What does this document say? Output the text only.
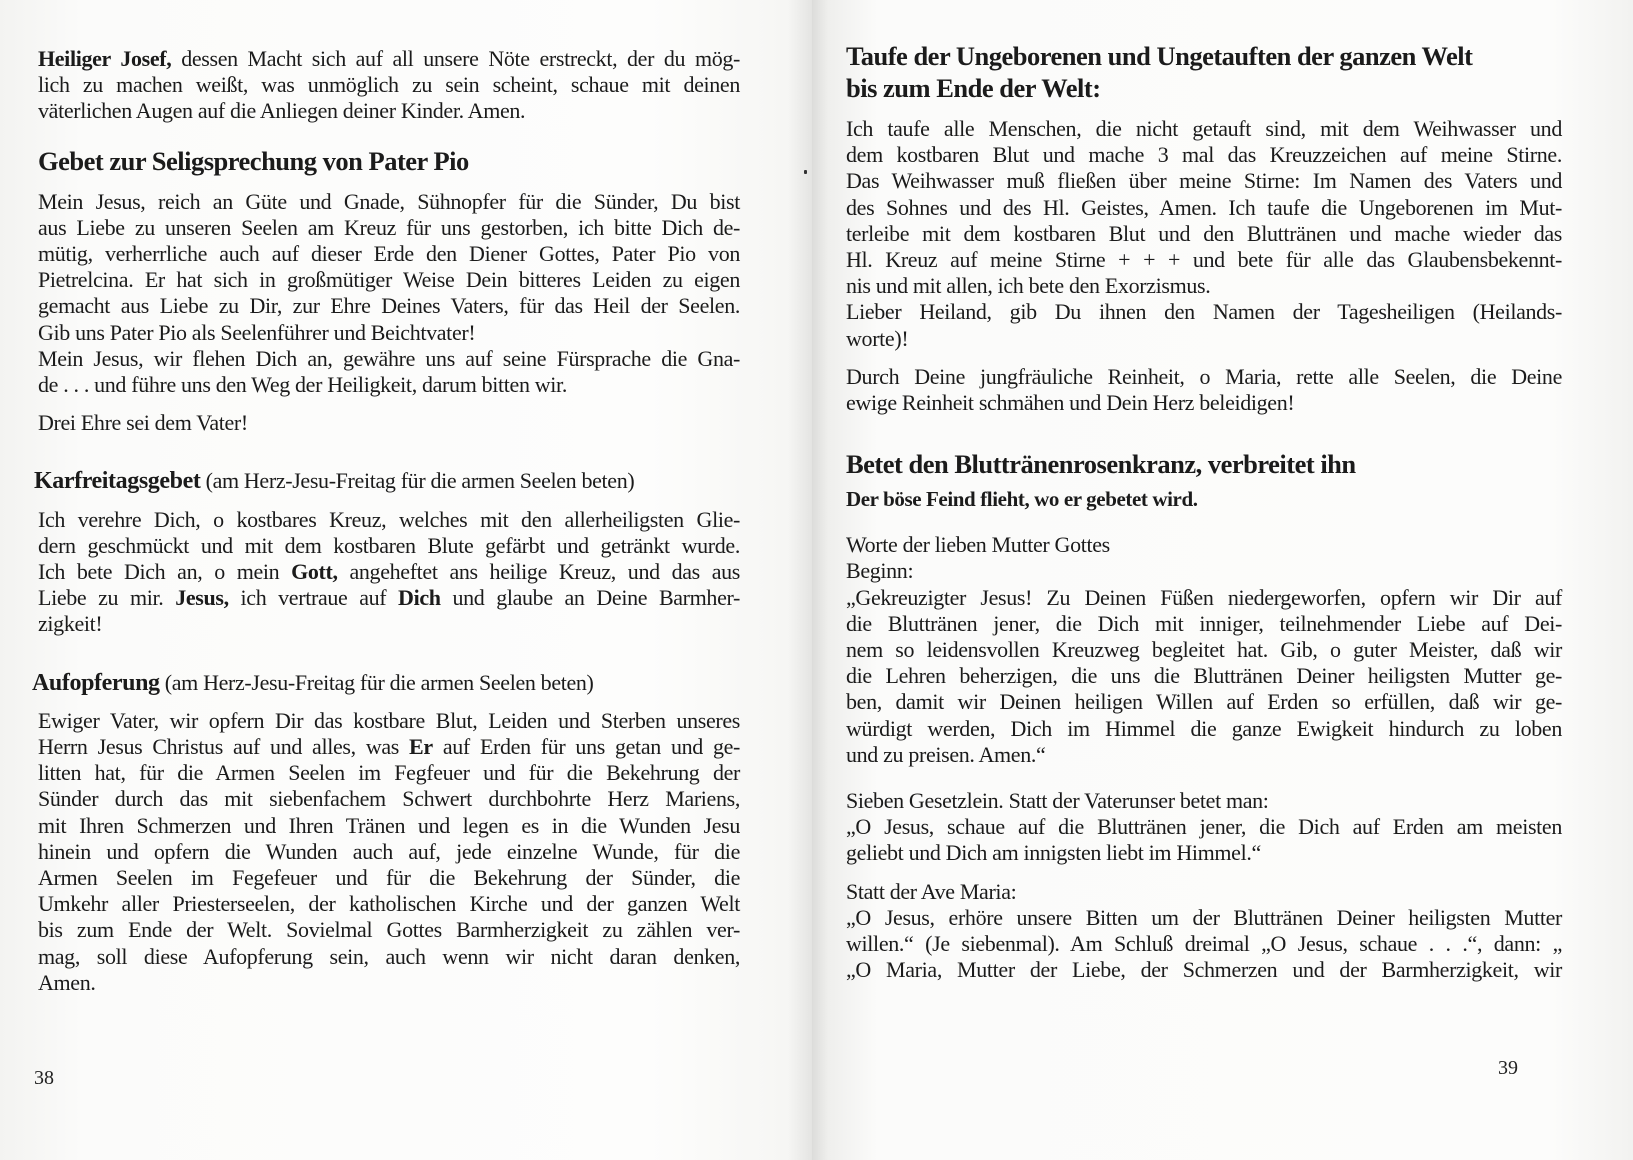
Heiliger Josef, dessen Macht sich auf all unsere Nöte erstreckt, der du mög-
lich zu machen weißt, was unmöglich zu sein scheint, schaue mit deinen
väterlichen Augen auf die Anliegen deiner Kinder. Amen.
Gebet zur Seligsprechung von Pater Pio
Mein Jesus, reich an Güte und Gnade, Sühnopfer für die Sünder, Du bist
aus Liebe zu unseren Seelen am Kreuz für uns gestorben, ich bitte Dich de-
mütig, verherrliche auch auf dieser Erde den Diener Gottes, Pater Pio von
Pietrelcina. Er hat sich in großmütiger Weise Dein bitteres Leiden zu eigen
gemacht aus Liebe zu Dir, zur Ehre Deines Vaters, für das Heil der Seelen.
Gib uns Pater Pio als Seelenführer und Beichtvater!
Mein Jesus, wir flehen Dich an, gewähre uns auf seine Fürsprache die Gna-
de . . . und führe uns den Weg der Heiligkeit, darum bitten wir.
Drei Ehre sei dem Vater!
Karfreitagsgebet (am Herz-Jesu-Freitag für die armen Seelen beten)
Ich verehre Dich, o kostbares Kreuz, welches mit den allerheiligsten Glie-
dern geschmückt und mit dem kostbaren Blute gefärbt und getränkt wurde.
Ich bete Dich an, o mein Gott, angeheftet ans heilige Kreuz, und das aus
Liebe zu mir. Jesus, ich vertraue auf Dich und glaube an Deine Barmher-
zigkeit!
Aufopferung (am Herz-Jesu-Freitag für die armen Seelen beten)
Ewiger Vater, wir opfern Dir das kostbare Blut, Leiden und Sterben unseres
Herrn Jesus Christus auf und alles, was Er auf Erden für uns getan und ge-
litten hat, für die Armen Seelen im Fegfeuer und für die Bekehrung der
Sünder durch das mit siebenfachem Schwert durchbohrte Herz Mariens,
mit Ihren Schmerzen und Ihren Tränen und legen es in die Wunden Jesu
hinein und opfern die Wunden auch auf, jede einzelne Wunde, für die
Armen Seelen im Fegefeuer und für die Bekehrung der Sünder, die
Umkehr aller Priesterseelen, der katholischen Kirche und der ganzen Welt
bis zum Ende der Welt. Sovielmal Gottes Barmherzigkeit zu zählen ver-
mag, soll diese Aufopferung sein, auch wenn wir nicht daran denken,
Amen.
38
Taufe der Ungeborenen und Ungetauften der ganzen Welt
bis zum Ende der Welt:
Ich taufe alle Menschen, die nicht getauft sind, mit dem Weihwasser und
dem kostbaren Blut und mache 3 mal das Kreuzzeichen auf meine Stirne.
Das Weihwasser muß fließen über meine Stirne: Im Namen des Vaters und
des Sohnes und des Hl. Geistes, Amen. Ich taufe die Ungeborenen im Mut-
terleibe mit dem kostbaren Blut und den Bluttränen und mache wieder das
Hl. Kreuz auf meine Stirne + + + und bete für alle das Glaubensbekennt-
nis und mit allen, ich bete den Exorzismus.
Lieber Heiland, gib Du ihnen den Namen der Tagesheiligen (Heilands-
worte)!
Durch Deine jungfräuliche Reinheit, o Maria, rette alle Seelen, die Deine
ewige Reinheit schmähen und Dein Herz beleidigen!
Betet den Bluttränenrosenkranz, verbreitet ihn
Der böse Feind flieht, wo er gebetet wird.
Worte der lieben Mutter Gottes
Beginn:
„Gekreuzigter Jesus! Zu Deinen Füßen niedergeworfen, opfern wir Dir auf
die Bluttränen jener, die Dich mit inniger, teilnehmender Liebe auf Dei-
nem so leidensvollen Kreuzweg begleitet hat. Gib, o guter Meister, daß wir
die Lehren beherzigen, die uns die Bluttränen Deiner heiligsten Mutter ge-
ben, damit wir Deinen heiligen Willen auf Erden so erfüllen, daß wir ge-
würdigt werden, Dich im Himmel die ganze Ewigkeit hindurch zu loben
und zu preisen. Amen.“
Sieben Gesetzlein. Statt der Vaterunser betet man:
„O Jesus, schaue auf die Bluttränen jener, die Dich auf Erden am meisten
geliebt und Dich am innigsten liebt im Himmel.“
Statt der Ave Maria:
„O Jesus, erhöre unsere Bitten um der Bluttränen Deiner heiligsten Mutter
willen.“ (Je siebenmal). Am Schluß dreimal „O Jesus, schaue . . .“, dann: „
„O Maria, Mutter der Liebe, der Schmerzen und der Barmherzigkeit, wir
39
